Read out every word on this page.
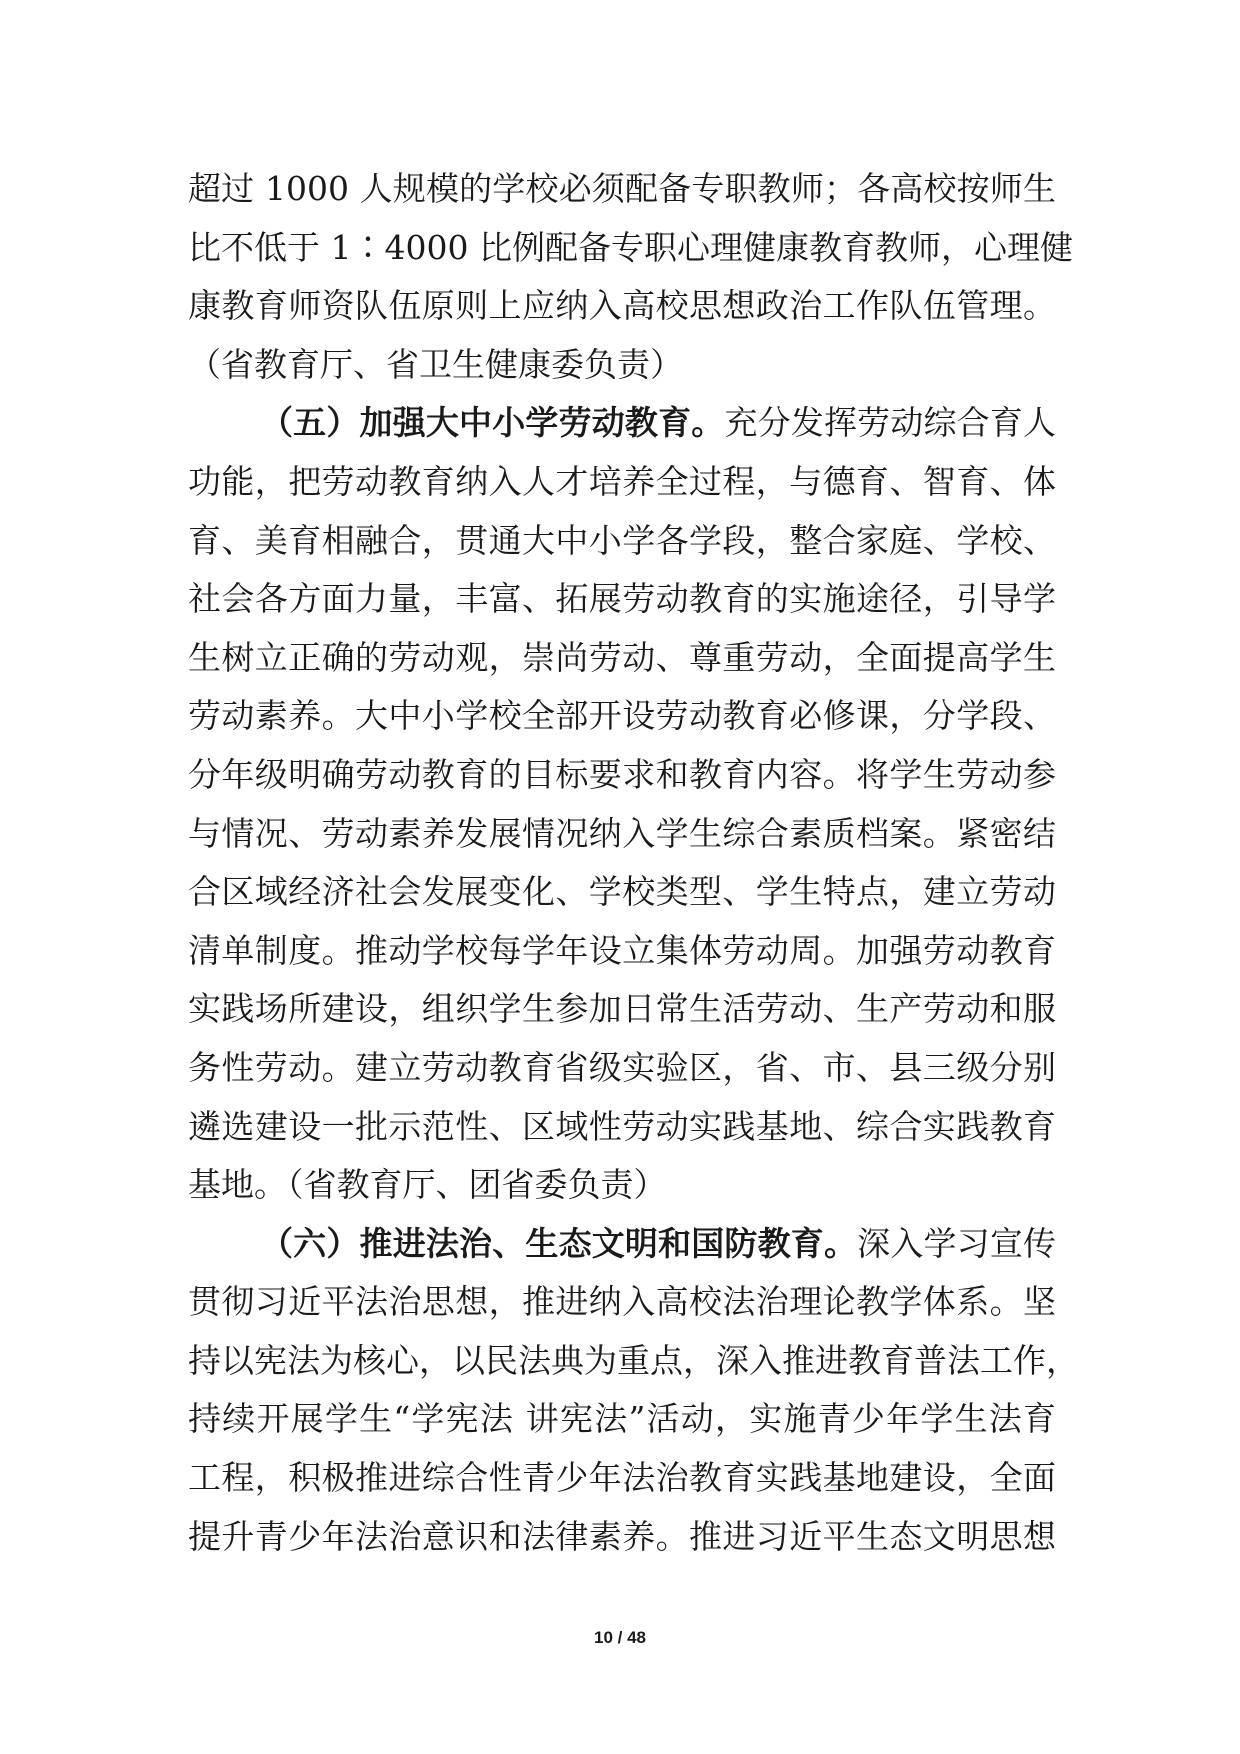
超过 1000 人规模的学校必须配备专职教师；各高校按师生
比不低于 1∶4000 比例配备专职心理健康教育教师，心理健
康教育师资队伍原则上应纳入高校思想政治工作队伍管理。
（省教育厅、省卫生健康委负责）
（五）加强大中小学劳动教育。充分发挥劳动综合育人
功能，把劳动教育纳入人才培养全过程，与德育、智育、体
育、美育相融合，贯通大中小学各学段，整合家庭、学校、
社会各方面力量，丰富、拓展劳动教育的实施途径，引导学
生树立正确的劳动观，崇尚劳动、尊重劳动，全面提高学生
劳动素养。大中小学校全部开设劳动教育必修课，分学段、
分年级明确劳动教育的目标要求和教育内容。将学生劳动参
与情况、劳动素养发展情况纳入学生综合素质档案。紧密结
合区域经济社会发展变化、学校类型、学生特点，建立劳动
清单制度。推动学校每学年设立集体劳动周。加强劳动教育
实践场所建设，组织学生参加日常生活劳动、生产劳动和服
务性劳动。建立劳动教育省级实验区，省、市、县三级分别
遴选建设一批示范性、区域性劳动实践基地、综合实践教育
基地。（省教育厅、团省委负责）
（六）推进法治、生态文明和国防教育。深入学习宣传
贯彻习近平法治思想，推进纳入高校法治理论教学体系。坚
持以宪法为核心，以民法典为重点，深入推进教育普法工作，
持续开展学生“学宪法 讲宪法”活动，实施青少年学生法育
工程，积极推进综合性青少年法治教育实践基地建设，全面
提升青少年法治意识和法律素养。推进习近平生态文明思想
10 / 48
